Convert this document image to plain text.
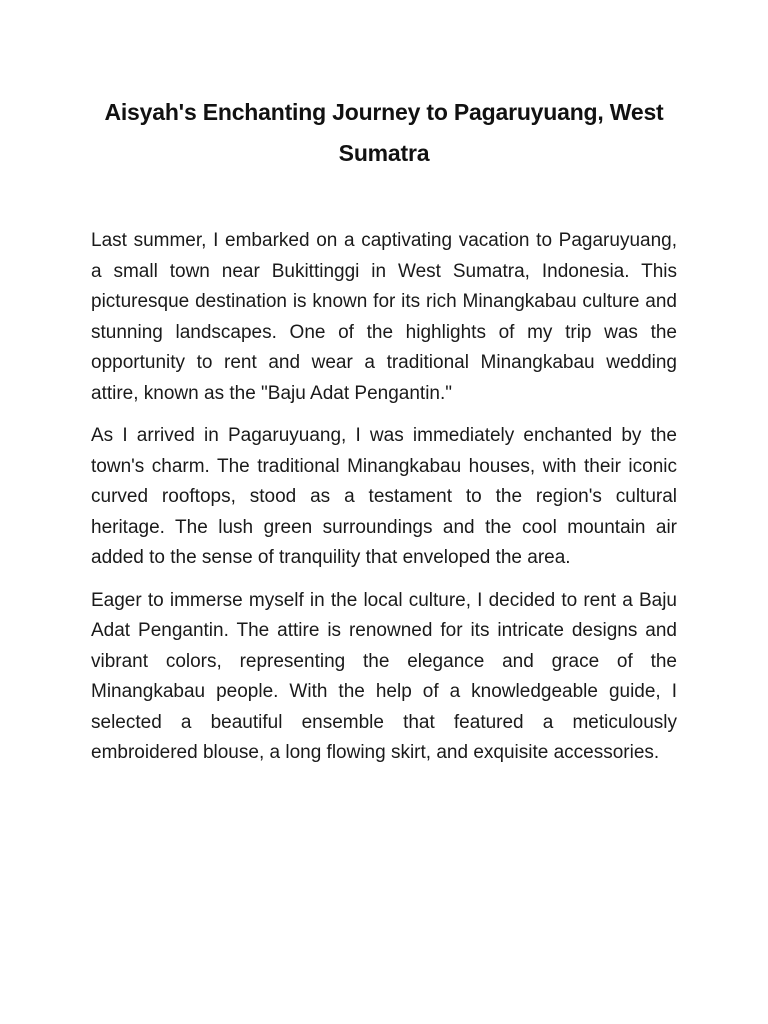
Aisyah's Enchanting Journey to Pagaruyuang, West Sumatra

Last summer, I embarked on a captivating vacation to Pagaruyuang, a small town near Bukittinggi in West Sumatra, Indonesia. This picturesque destination is known for its rich Minangkabau culture and stunning landscapes. One of the highlights of my trip was the opportunity to rent and wear a traditional Minangkabau wedding attire, known as the "Baju Adat Pengantin."

As I arrived in Pagaruyuang, I was immediately enchanted by the town's charm. The traditional Minangkabau houses, with their iconic curved rooftops, stood as a testament to the region's cultural heritage. The lush green surroundings and the cool mountain air added to the sense of tranquility that enveloped the area.

Eager to immerse myself in the local culture, I decided to rent a Baju Adat Pengantin. The attire is renowned for its intricate designs and vibrant colors, representing the elegance and grace of the Minangkabau people. With the help of a knowledgeable guide, I selected a beautiful ensemble that featured a meticulously embroidered blouse, a long flowing skirt, and exquisite accessories.
